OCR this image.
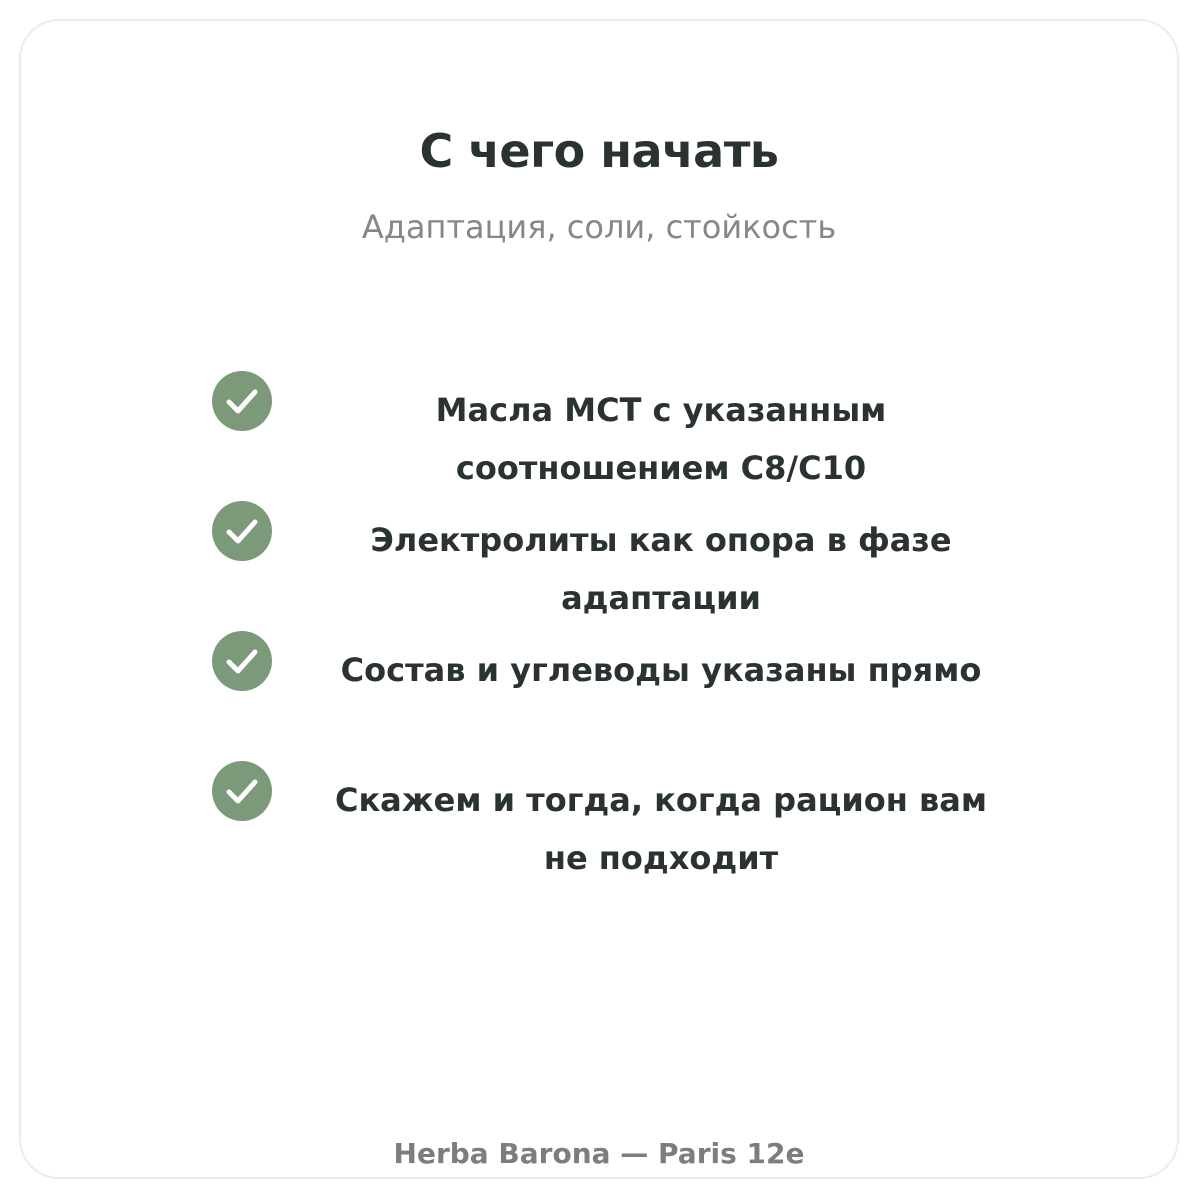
С чего начать

Адаптация, соли, стойкость

Масла МСТ с указанным соотношением C8/C10

Электролиты как опора в фазе адаптации

Состав и углеводы указаны прямо

Скажем и тогда, когда рацион вам не подходит

Herba Barona — Paris 12e
